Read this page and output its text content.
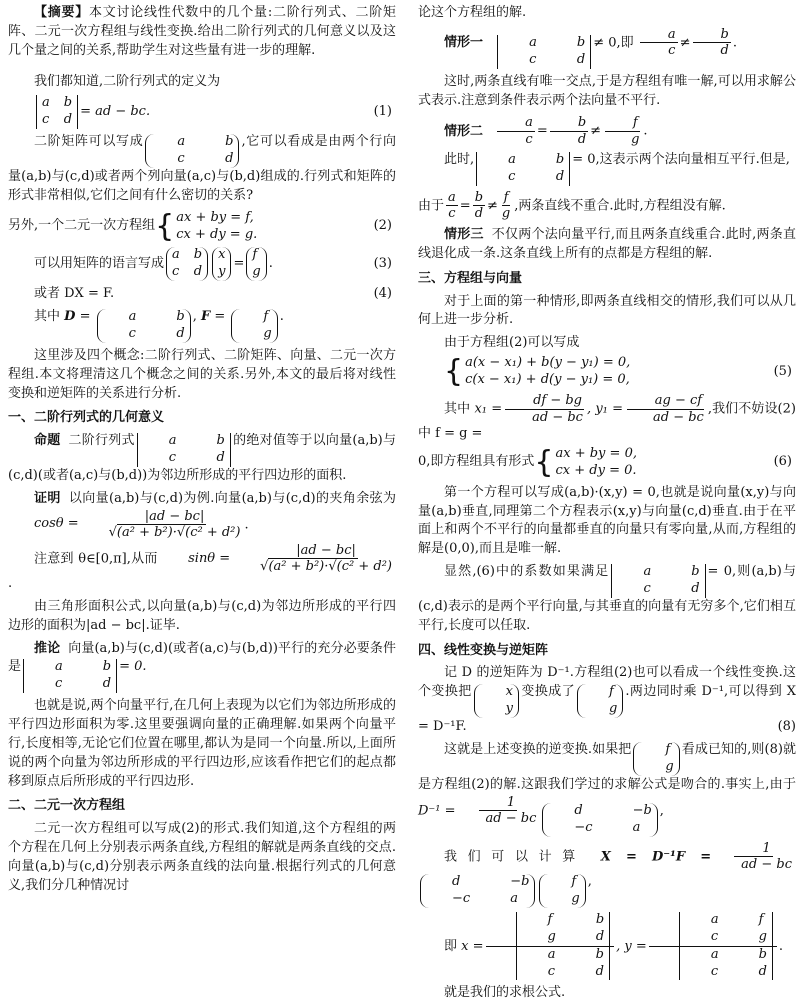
【摘要】本文讨论线性代数中的几个量:二阶行列式、二阶矩阵、二元一次方程组与线性变换.给出二阶行列式的几何意义以及这几个量之间的关系,帮助学生对这些量有进一步的理解.

我们都知道,二阶行列式的定义为

a b
c d
= ad − bc.	(1)

二阶矩阵可以写成	a	b
c	d
,它可以看成是由两个行向量(a,b)与(c,d)或者两个列向量(a,c)与(b,d)组成的.行列式和矩阵的形式非常相似,它们之间有什么密切的关系?

另外,一个二元一次方程组 { ax + by = f,
cx + dy = g.
(2)
可以用矩阵的语言写成
a b
c d
x
y
=
f
g
.	(3)
或者 DX = F.	(4)

其中 D =	a	b
c	d
, F =	f
g
.

这里涉及四个概念:二阶行列式、二阶矩阵、向量、二元一次方程组.本文将理清这几个概念之间的关系.另外,本文的最后将对线性变换和逆矩阵的关系进行分析.

一、二阶行列式的几何意义

命题 二阶行列式	a	b
c	d
的绝对值等于以向量(a,b)与(c,d)(或者(a,c)与(b,d))为邻边所形成的平行四边形的面积.

证明 以向量(a,b)与(c,d)为例.向量(a,b)与(c,d)的夹角余弦为
$\cos\theta = \frac{|ad - bc|}{\text{√(a² + b²)·√(c² + d²)}}$ .

注意到 θ∈[0,π],从而	$\sin\theta = \frac{|ad - bc|}{\text{√(a² + b²)·√(c² + d²)}}$
.

由三角形面积公式,以向量(a,b)与(c,d)为邻边所形成的平行四边形的面积为|ad − bc|.证毕.

推论 向量(a,b)与(c,d)(或者(a,c)与(b,d))平行的充分必要条件是	a	b
c	d
= 0.

也就是说,两个向量平行,在几何上表现为以它们为邻边所形成的平行四边形面积为零.这里要强调向量的正确理解.如果两个向量平行,长度相等,无论它们位置在哪里,都认为是同一个向量.所以,上面所说的两个向量为邻边所形成的平行四边形,应该看作把它们的起点都移到原点后所形成的平行四边形.

二、二元一次方程组

二元一次方程组可以写成(2)的形式.我们知道,这个方程组的两个方程在几何上分别表示两条直线,方程组的解就是两条直线的交点.向量(a,b)与(c,d)分别表示两条直线的法向量.根据行列式的几何意义,我们分几种情况讨

论这个方程组的解.

情形一	a	b
c	d
≠ 0,即 $\frac{a}{c} \ne \frac{b}{d}$ .

这时,两条直线有唯一交点,于是方程组有唯一解,可以用求解公式表示.注意到条件表示两个法向量不平行.

情形二 $\frac{a}{c} = \frac{b}{d} \ne \frac{f}{g}$ .

此时,	a	b
c	d
= 0,这表示两个法向量相互平行.但是,

由于 $\frac{a}{c} = \frac{b}{d} \ne \frac{f}{g}$ ,两条直线不重合.此时,方程组没有解.

情形三 不仅两个法向量平行,而且两条直线重合.此时,两条直线退化成一条.这条直线上所有的点都是方程组的解.

三、方程组与向量

对于上面的第一种情形,即两条直线相交的情形,我们可以从几何上进一步分析.

由于方程组(2)可以写成

{ a(x − x₁) + b(y − y₁) = 0,
c(x − x₁) + d(y − y₁) = 0,
(5)

其中 $x_1 = \frac{df - bg}{ad - bc}$ , $y_1 = \frac{ag - cf}{ad - bc}$ ,我们不妨设(2)中 f = g =

0,即方程组具有形式 { ax + by = 0,
cx + dy = 0.
(6)

第一个方程可以写成(a,b)·(x,y) = 0,也就是说向量(x,y)与向量(a,b)垂直,同理第二个方程表示(x,y)与向量(c,d)垂直.由于在平面上和两个不平行的向量都垂直的向量只有零向量,从而,方程组的解是(0,0),而且是唯一解.

显然,(6)中的系数如果满足	a	b
c	d
= 0,则(a,b)与(c,d)表示的是两个平行向量,与其垂直的向量有无穷多个,它们相互平行,长度可以任取.

四、线性变换与逆矩阵

记 D 的逆矩阵为 D⁻¹.方程组(2)也可以看成一个线性变换.这个变换把	x
y
变换成了	f
g
.两边同时乘 D⁻¹,可以得到 X = D⁻¹F.	(8)

这就是上述变换的逆变换.如果把	f
g
看成已知的,则(8)就是方程组(2)的解.这跟我们学过的求解公式是吻合的.事实上,由于 $D^{-1} = \frac{1}{ad - bc}$	d	−b
−c	a
,

我们可以计算 $X = D^{-1}F = \frac{1}{ad - bc}$
d	−b
−c	a
f
g
,

即 x = f	b
g	d
a	b
c	d , y = a	f
c	g
a	b
c	d .

就是我们的求根公式.
